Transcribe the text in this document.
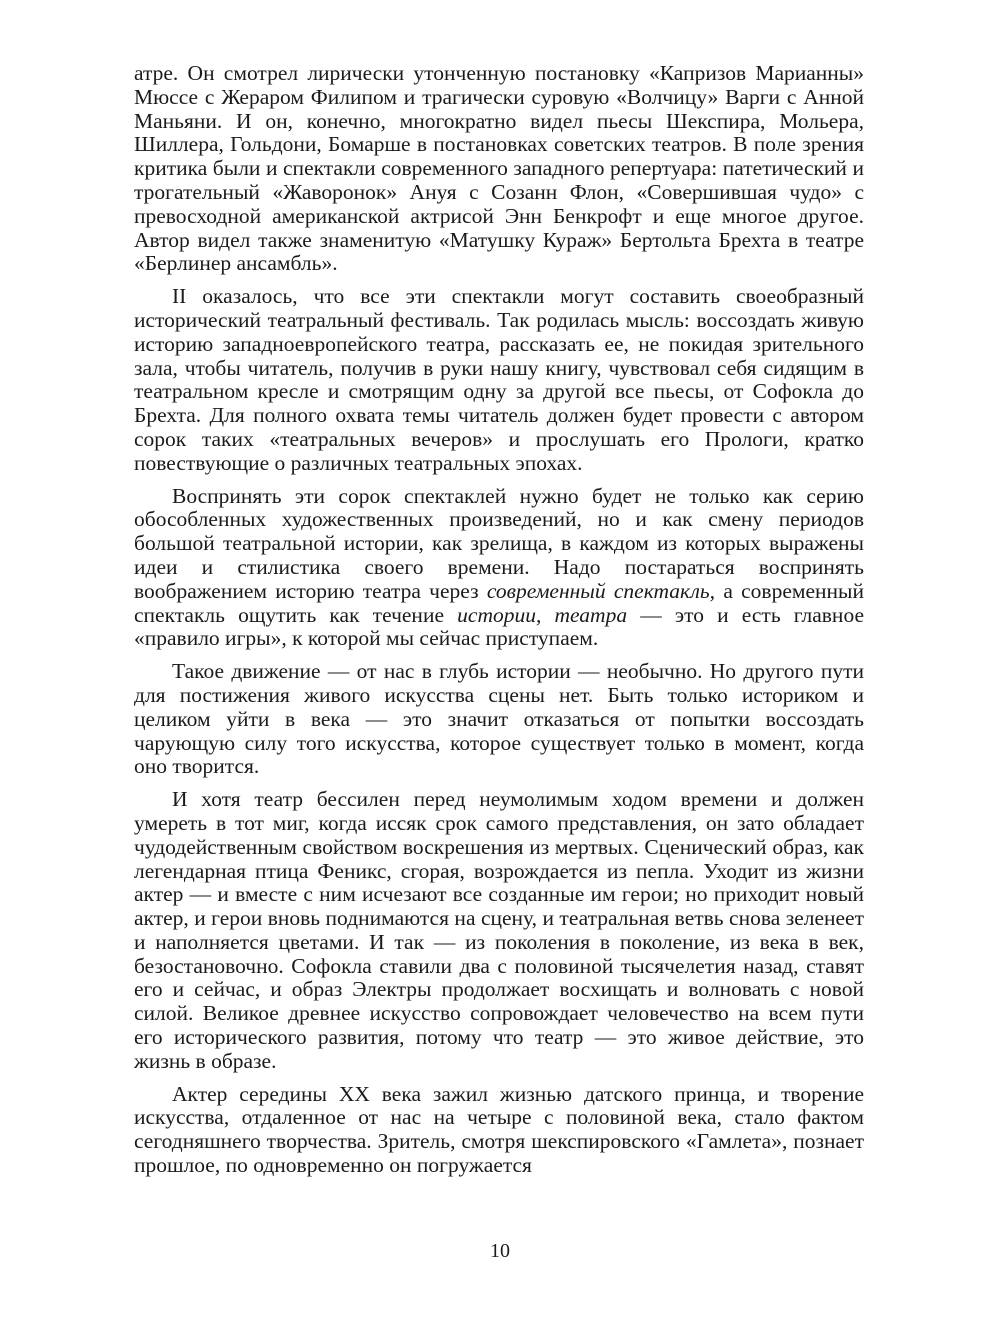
атре. Он смотрел лирически утонченную постановку «Капризов Марианны» Мюссе с Жераром Филипом и трагически суровую «Волчицу» Варги с Анной Маньяни. И он, конечно, многократно видел пьесы Шекспира, Мольера, Шиллера, Гольдони, Бомарше в постановках советских театров. В поле зрения критика были и спектакли современного западного репертуара: патетический и трогательный «Жаворонок» Ануя с Созанн Флон, «Совершившая чудо» с превосходной американской актрисой Энн Бенкрофт и еще многое другое. Автор видел также знаменитую «Матушку Кураж» Бертольта Брехта в театре «Берлинер ансамбль».

II оказалось, что все эти спектакли могут составить своеобразный исторический театральный фестиваль. Так родилась мысль: воссоздать живую историю западноевропейского театра, рассказать ее, не покидая зрительного зала, чтобы читатель, получив в руки нашу книгу, чувствовал себя сидящим в театральном кресле и смотрящим одну за другой все пьесы, от Софокла до Брехта. Для полного охвата темы читатель должен будет провести с автором сорок таких «театральных вечеров» и прослушать его Прологи, кратко повествующие о различных театральных эпохах.

Воспринять эти сорок спектаклей нужно будет не только как серию обособленных художественных произведений, но и как смену периодов большой театральной истории, как зрелища, в каждом из которых выражены идеи и стилистика своего времени. Надо постараться воспринять воображением историю театра через современный спектакль, а современный спектакль ощутить как течение истории, театра — это и есть главное «правило игры», к которой мы сейчас приступаем.

Такое движение — от нас в глубь истории — необычно. Но другого пути для постижения живого искусства сцены нет. Быть только историком и целиком уйти в века — это значит отказаться от попытки воссоздать чарующую силу того искусства, которое существует только в момент, когда оно творится.

И хотя театр бессилен перед неумолимым ходом времени и должен умереть в тот миг, когда иссяк срок самого представления, он зато обладает чудодейственным свойством воскрешения из мертвых. Сценический образ, как легендарная птица Феникс, сгорая, возрождается из пепла. Уходит из жизни актер — и вместе с ним исчезают все созданные им герои; но приходит новый актер, и герои вновь поднимаются на сцену, и театральная ветвь снова зеленеет и наполняется цветами. И так — из поколения в поколение, из века в век, безостановочно. Софокла ставили два с половиной тысячелетия назад, ставят его и сейчас, и образ Электры продолжает восхищать и волновать с новой силой. Великое древнее искусство сопровождает человечество на всем пути его исторического развития, потому что театр — это живое действие, это жизнь в образе.

Актер середины XX века зажил жизнью датского принца, и творение искусства, отдаленное от нас на четыре с половиной века, стало фактом сегодняшнего творчества. Зритель, смотря шекспировского «Гамлета», познает прошлое, по одновременно он погружается

10
